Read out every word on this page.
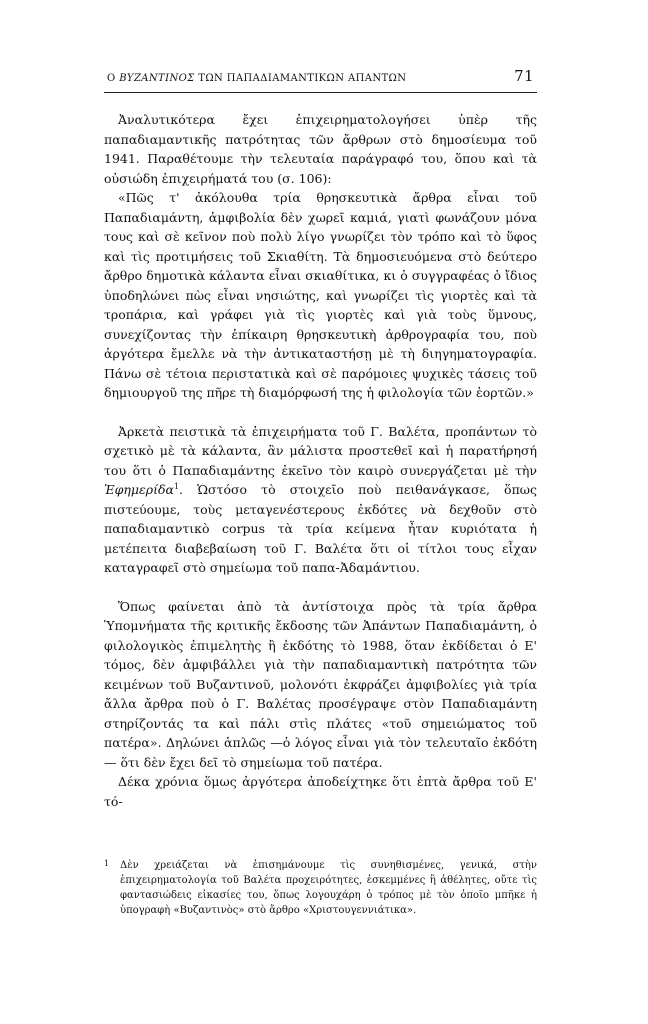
Ο ΒΥΖΑΝΤΙΝΟΣ ΤΩΝ ΠΑΠΑΔΙΑΜΑΝΤΙΚΩΝ ΑΠΑΝΤΩΝ	71

Ἀναλυτικότερα ἔχει ἐπιχειρηματολογήσει ὑπὲρ τῆς παπαδιαμαντικῆς πατρότητας τῶν ἄρθρων στὸ δημοσίευμα τοῦ 1941. Παραθέτουμε τὴν τελευταία παράγραφό του, ὅπου καὶ τὰ οὐσιώδη ἐπιχειρήματά του (σ. 106):

«Πῶς τ' ἀκόλουθα τρία θρησκευτικὰ ἄρθρα εἶναι τοῦ Παπαδιαμάντη, ἀμφιβολία δὲν χωρεῖ καμιά, γιατὶ φωνάζουν μόνα τους καὶ σὲ κεῖνον ποὺ πολὺ λίγο γνωρίζει τὸν τρόπο καὶ τὸ ὕφος καὶ τὶς προτιμήσεις τοῦ Σκιαθίτη. Τὰ δημοσιευόμενα στὸ δεύτερο ἄρθρο δημοτικὰ κάλαντα εἶναι σκιαθίτικα, κι ὁ συγγραφέας ὁ ἴδιος ὑποδηλώνει πὼς εἶναι νησιώτης, καὶ γνωρίζει τὶς γιορτὲς καὶ τὰ τροπάρια, καὶ γράφει γιὰ τὶς γιορτὲς καὶ γιὰ τοὺς ὕμνους, συνεχίζοντας τὴν ἐπίκαιρη θρησκευτικὴ ἀρθρογραφία του, ποὺ ἀργότερα ἔμελλε νὰ τὴν ἀντικαταστήσῃ μὲ τὴ διηγηματογραφία. Πάνω σὲ τέτοια περιστατικὰ καὶ σὲ παρόμοιες ψυχικὲς τάσεις τοῦ δημιουργοῦ της πῆρε τὴ διαμόρφωσή της ἡ φιλολογία τῶν ἑορτῶν.»

Ἀρκετὰ πειστικὰ τὰ ἐπιχειρήματα τοῦ Γ. Βαλέτα, προπάντων τὸ σχετικὸ μὲ τὰ κάλαντα, ἂν μάλιστα προστεθεῖ καὶ ἡ παρατήρησή του ὅτι ὁ Παπαδιαμάντης ἐκεῖνο τὸν καιρὸ συνεργάζεται μὲ τὴν Ἐφημερίδα$^1$. Ὡστόσο τὸ στοιχεῖο ποὺ πειθανάγκασε, ὅπως πιστεύουμε, τοὺς μεταγενέστερους ἐκδότες νὰ δεχθοῦν στὸ παπαδιαμαντικὸ corpus τὰ τρία κείμενα ἦταν κυριότατα ἡ μετέπειτα διαβεβαίωση τοῦ Γ. Βαλέτα ὅτι οἱ τίτλοι τους εἶχαν καταγραφεῖ στὸ σημείωμα τοῦ παπα-Ἀδαμάντιου.

Ὅπως φαίνεται ἀπὸ τὰ ἀντίστοιχα πρὸς τὰ τρία ἄρθρα Ὑπομνήματα τῆς κριτικῆς ἔκδοσης τῶν Ἀπάντων Παπαδιαμάντη, ὁ φιλολογικὸς ἐπιμελητὴς ἢ ἐκδότης τὸ 1988, ὅταν ἐκδίδεται ὁ Ε' τόμος, δὲν ἀμφιβάλλει γιὰ τὴν παπαδιαμαντικὴ πατρότητα τῶν κειμένων τοῦ Βυζαντινοῦ, μολονότι ἐκφράζει ἀμφιβολίες γιὰ τρία ἄλλα ἄρθρα ποὺ ὁ Γ. Βαλέτας προσέγραψε στὸν Παπαδιαμάντη στηρίζοντάς τα καὶ πάλι στὶς πλάτες «τοῦ σημειώματος τοῦ πατέρα». Δηλώνει ἁπλῶς —ὁ λόγος εἶναι γιὰ τὸν τελευταῖο ἐκδότη— ὅτι δὲν ἔχει δεῖ τὸ σημείωμα τοῦ πατέρα.

Δέκα χρόνια ὅμως ἀργότερα ἀποδείχτηκε ὅτι ἑπτὰ ἄρθρα τοῦ Ε' τό-

1	Δὲν χρειάζεται νὰ ἐπισημάνουμε τὶς συνηθισμένες, γενικά, στὴν ἐπιχειρηματολογία τοῦ Βαλέτα προχειρότητες, ἐσκεμμένες ἢ ἀθέλητες, οὔτε τὶς φαντασιώδεις εἰκασίες του, ὅπως λογουχάρη ὁ τρόπος μὲ τὸν ὁποῖο μπῆκε ἡ ὑπογραφὴ «Βυζαντινὸς» στὸ ἄρθρο «Χριστουγεννιάτικα».
